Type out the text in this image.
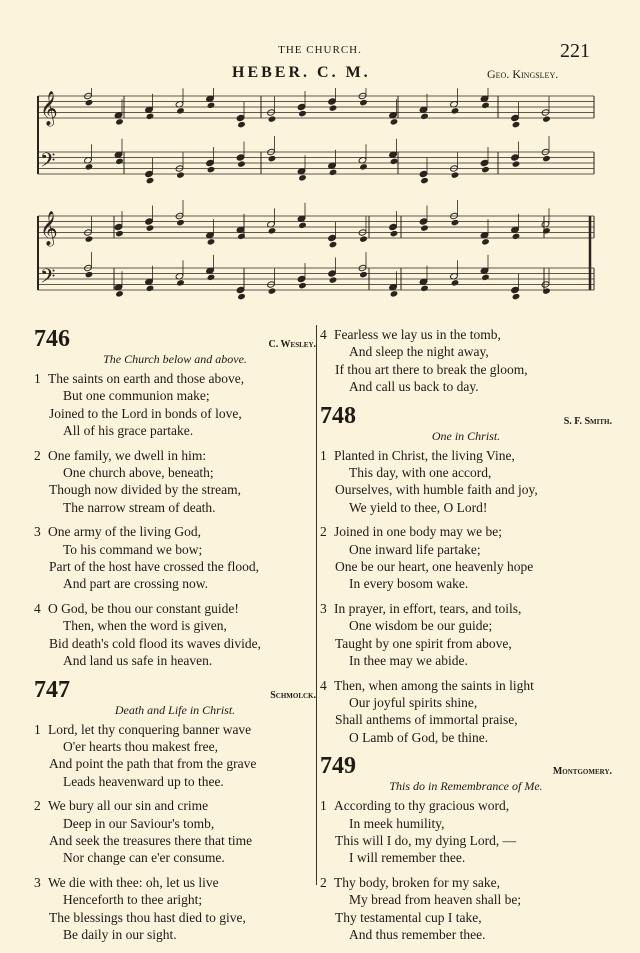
THE CHURCH.	221
HEBER. C. M.	Geo. Kingsley.
𝄞
𝄢
𝄞
𝄢
746	C. Wesley.
The Church below and above.
1 The saints on earth and those above,
But one communion make;
Joined to the Lord in bonds of love,
All of his grace partake.
2 One family, we dwell in him:
One church above, beneath;
Though now divided by the stream,
The narrow stream of death.
3 One army of the living God,
To his command we bow;
Part of the host have crossed the flood,
And part are crossing now.
4 O God, be thou our constant guide!
Then, when the word is given,
Bid death's cold flood its waves divide,
And land us safe in heaven.
747	Schmolck.
Death and Life in Christ.
1 Lord, let thy conquering banner wave
O'er hearts thou makest free,
And point the path that from the grave
Leads heavenward up to thee.
2 We bury all our sin and crime
Deep in our Saviour's tomb,
And seek the treasures there that time
Nor change can e'er consume.
3 We die with thee: oh, let us live
Henceforth to thee aright;
The blessings thou hast died to give,
Be daily in our sight.
4 Fearless we lay us in the tomb,
And sleep the night away,
If thou art there to break the gloom,
And call us back to day.
748	S. F. Smith.
One in Christ.
1 Planted in Christ, the living Vine,
This day, with one accord,
Ourselves, with humble faith and joy,
We yield to thee, O Lord!
2 Joined in one body may we be;
One inward life partake;
One be our heart, one heavenly hope
In every bosom wake.
3 In prayer, in effort, tears, and toils,
One wisdom be our guide;
Taught by one spirit from above,
In thee may we abide.
4 Then, when among the saints in light
Our joyful spirits shine,
Shall anthems of immortal praise,
O Lamb of God, be thine.
749	Montgomery.
This do in Remembrance of Me.
1 According to thy gracious word,
In meek humility,
This will I do, my dying Lord, —
I will remember thee.
2 Thy body, broken for my sake,
My bread from heaven shall be;
Thy testamental cup I take,
And thus remember thee.
